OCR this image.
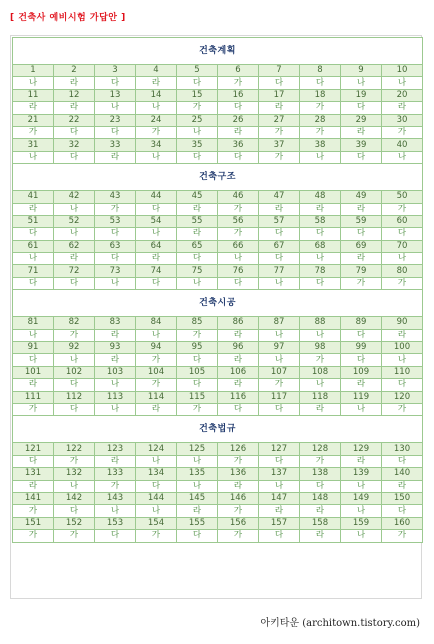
[ 건축사 예비시험 가답안 ]
건축계획									
1	2	3	4	5	6	7	8	9	10
나	라	다	라	다	가	다	다	나	나
11	12	13	14	15	16	17	18	19	20
라	라	나	나	가	다	라	가	다	라
21	22	23	24	25	26	27	28	29	30
가	다	다	가	나	라	가	가	라	가
31	32	33	34	35	36	37	38	39	40
나	다	라	나	다	다	가	나	다	나
건축구조									
41	42	43	44	45	46	47	48	49	50
라	나	가	다	라	가	라	라	라	가
51	52	53	54	55	56	57	58	59	60
다	나	다	나	라	가	다	다	다	다
61	62	63	64	65	66	67	68	69	70
나	라	다	라	다	나	다	나	라	나
71	72	73	74	75	76	77	78	79	80
다	다	나	다	나	다	나	다	가	가
건축시공									
81	82	83	84	85	86	87	88	89	90
나	가	라	나	가	라	나	나	다	라
91	92	93	94	95	96	97	98	99	100
다	나	라	가	다	라	나	가	다	나
101	102	103	104	105	106	107	108	109	110
라	다	나	가	다	라	가	나	라	다
111	112	113	114	115	116	117	118	119	120
가	다	나	라	가	다	다	라	나	가
건축법규									
121	122	123	124	125	126	127	128	129	130
다	가	라	나	나	가	다	가	라	다
131	132	133	134	135	136	137	138	139	140
라	나	가	다	나	라	나	다	나	라
141	142	143	144	145	146	147	148	149	150
가	다	나	나	라	가	라	라	나	다
151	152	153	154	155	156	157	158	159	160
가	가	다	가	다	가	다	라	나	가
아키타운 (architown.tistory.com)
